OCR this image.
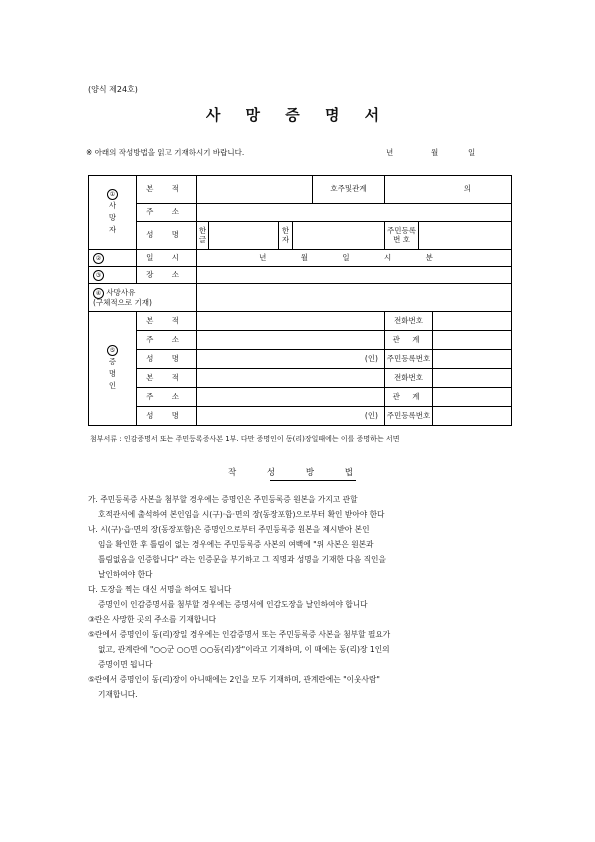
(양식 제24호)
사 망 증 명 서
※ 아래의 작성방법을 읽고 기재하시기 바랍니다.	년	월	일
①
사망자	본 적					호주및관계	의		
	주 소								
	성 명	한글		한자			주민등록번 호		
②	일 시	년 월 일 시 분							
③	장 소								
④ 사망사유
(구체적으로 기재)									
⑤
증명인	본 적						전화번호		
	주 소						관 계		
	성 명	(인)					주민등록번호		
	본 적						전화번호		
	주 소						관 계		
	성 명	(인)					주민등록번호		
첨부서류 : 인감증명서 또는 주민등록증사본 1부. 다만 증명인이 동(리)장일때에는 이를 증명하는 서면
작 성 방 법

가. 주민등록증 사본을 첨부할 경우에는 증명인은 주민등록증 원본을 가지고 관할

호적관서에 출석하여 본인임을 시(구)·읍·면의 장(동장포함)으로부터 확인 받아야 한다

나. 시(구)·읍·면의 장(동장포함)은 증명인으로부터 주민등록증 원본을 제시받아 본인

임을 확인한 후 틀림이 없는 경우에는 주민등록증 사본의 여백에 "위 사본은 원본과

틀림없음을 인증합니다" 라는 인증문을 부기하고 그 직명과 성명을 기재한 다음 직인을

날인하여야 한다

다. 도장을 찍는 대신 서명을 하여도 됩니다

증명인이 인감증명서를 첨부할 경우에는 증명서에 인감도장을 날인하여야 합니다

③란은 사망한 곳의 주소를 기재합니다

⑤란에서 증명인이 동(리)장일 경우에는 인감증명서 또는 주민등록증 사본을 첨부할 필요가

없고, 관계란에 "○○군 ○○면 ○○동(리)장"이라고 기재하며, 이 때에는 동(리)장 1인의

증명이면 됩니다

⑤란에서 증명인이 동(리)장이 아니때에는 2인을 모두 기재하며, 관계란에는 "이웃사람"

기재합니다.
